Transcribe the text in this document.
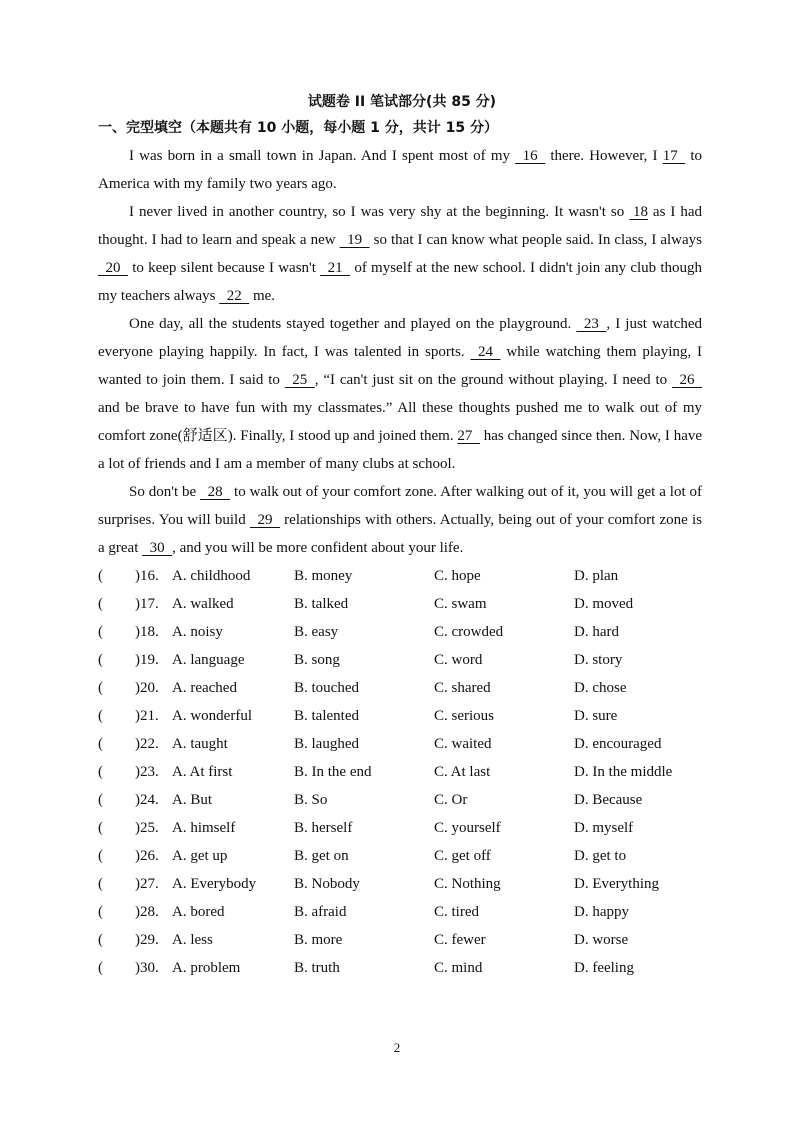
试题卷 II 笔试部分(共 85 分)
一、完型填空（本题共有 10 小题，每小题 1 分，共计 15 分）

I was born in a small town in Japan. And I spent most of my   16   there. However, I 17   to America with my family two years ago.

I never lived in another country, so I was very shy at the beginning. It wasn't so  18 as I had thought. I had to learn and speak a new   19   so that I can know what people said. In class, I always   20   to keep silent because I wasn't   21   of myself at the new school. I didn't join any club though my teachers always   22   me.

One day, all the students stayed together and played on the playground.   23  , I just watched everyone playing happily. In fact, I was talented in sports.   24   while watching them playing, I wanted to join them. I said to   25  , “I can't just sit on the ground without playing. I need to   26   and be brave to have fun with my classmates.” All these thoughts pushed me to walk out of my comfort zone(舒适区). Finally, I stood up and joined them. 27   has changed since then. Now, I have a lot of friends and I am a member of many clubs at school.

So don't be   28   to walk out of your comfort zone. After walking out of it, you will get a lot of surprises. You will build   29   relationships with others. Actually, being out of your comfort zone is a great   30  , and you will be more confident about your life.

( )16. A. childhood	B. money	C. hope	D. plan
( )17. A. walked	B. talked	C. swam	D. moved
( )18. A. noisy	B. easy	C. crowded	D. hard
( )19. A. language	B. song	C. word	D. story
( )20. A. reached	B. touched	C. shared	D. chose
( )21. A. wonderful	B. talented	C. serious	D. sure
( )22. A. taught	B. laughed	C. waited	D. encouraged
( )23. A. At first	B. In the end	C. At last	D. In the middle
( )24. A. But	B. So	C. Or	D. Because
( )25. A. himself	B. herself	C. yourself	D. myself
( )26. A. get up	B. get on	C. get off	D. get to
( )27. A. Everybody	B. Nobody	C. Nothing	D. Everything
( )28. A. bored	B. afraid	C. tired	D. happy
( )29. A. less	B. more	C. fewer	D. worse
( )30. A. problem	B. truth	C. mind	D. feeling
2
